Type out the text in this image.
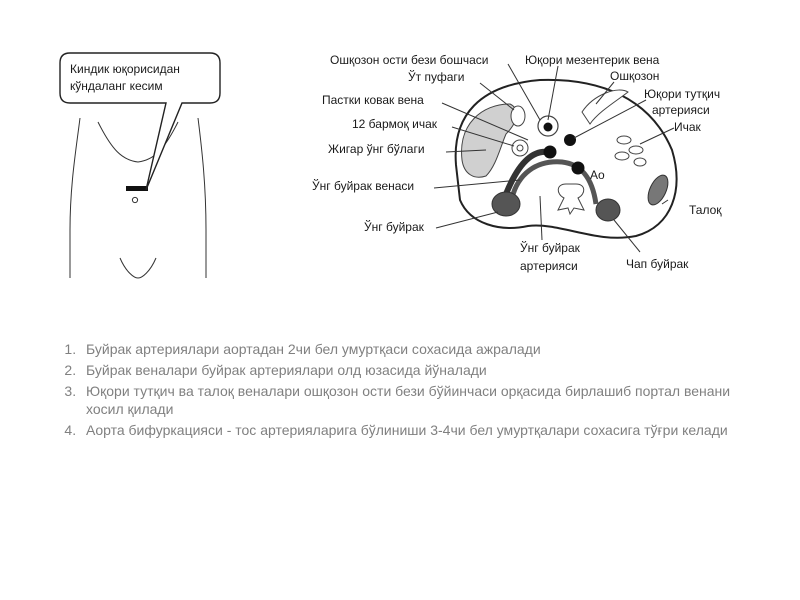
Киндик юқорисидан
кўндаланг кесим
Ошқозон ости бези бошчаси	Юқори мезентерик вена
Ўт пуфаги	Ошқозон
Пастки ковак вена	Юқори тутқич
артерияси
12 бармоқ ичак	Ичак
Жигар ўнг бўлаги
Ao
Ўнг буйрак венаси
Талоқ
Ўнг буйрак
Ўнг буйрак
артерияси	Чап буйрак
1. Буйрак артериялари аортадан 2чи бел умуртқаси сохасида ажралади
2. Буйрак веналари буйрак артериялари олд юзасида йўналади
3. Юқори тутқич ва талоқ веналари ошқозон ости бези бўйинчаси орқасида бирлашиб портал венани хосил қилади
4. Аорта бифуркацияси - тос артерияларига бўлиниши 3-4чи бел умуртқалари сохасига тўғри келади
